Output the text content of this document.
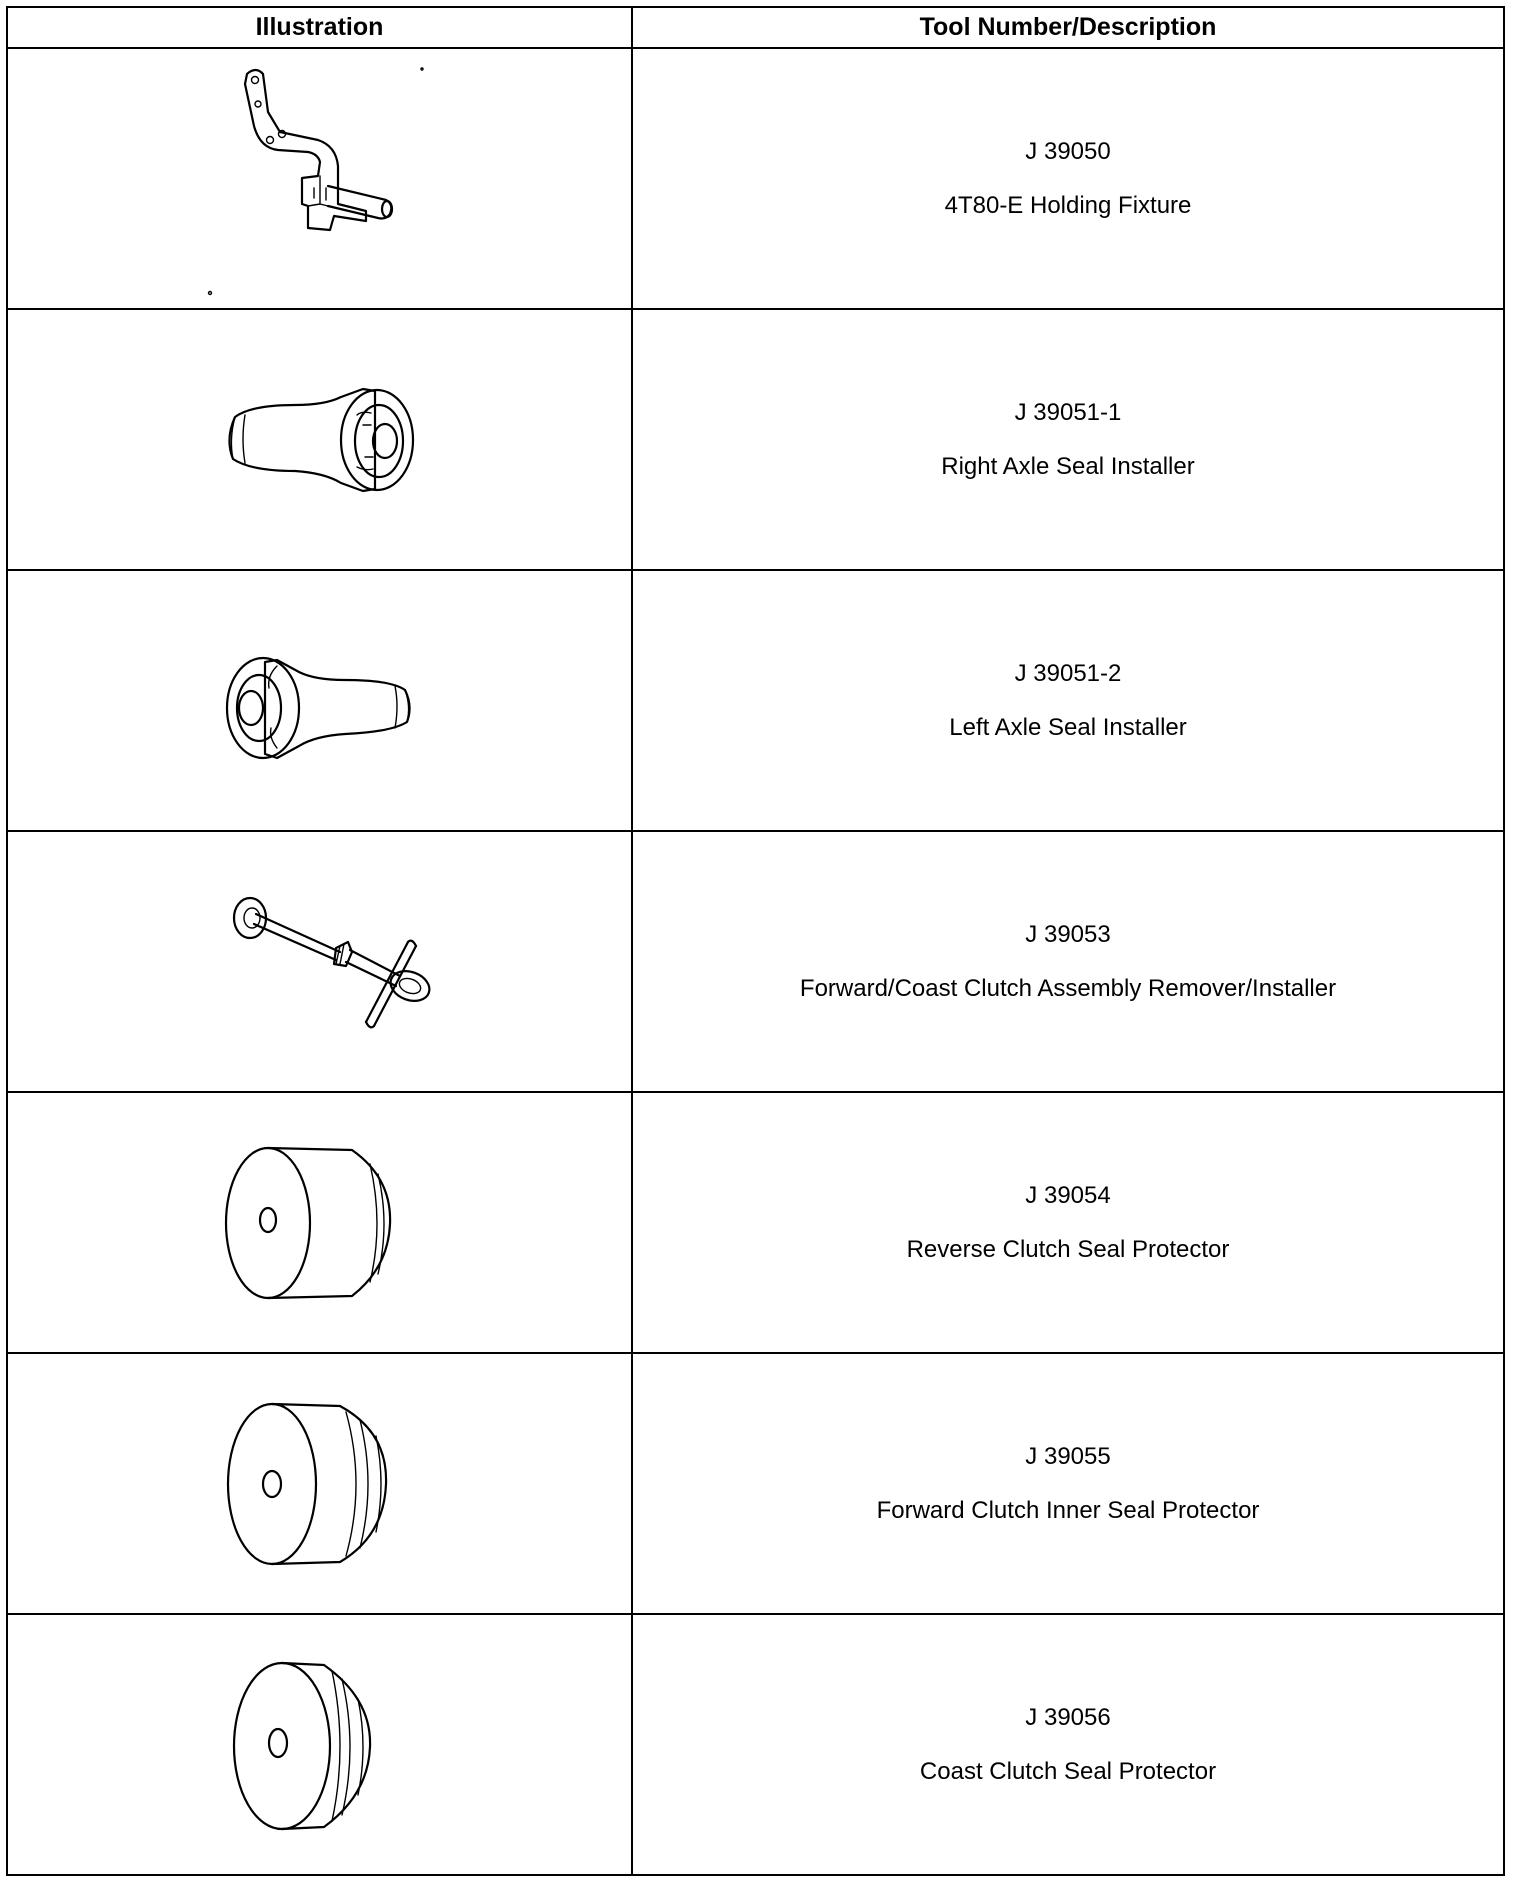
Illustration	Tool Number/Description

J 39050
4T80-E Holding Fixture

J 39051-1
Right Axle Seal Installer

J 39051-2
Left Axle Seal Installer

J 39053
Forward/Coast Clutch Assembly Remover/Installer

J 39054
Reverse Clutch Seal Protector

J 39055
Forward Clutch Inner Seal Protector

J 39056
Coast Clutch Seal Protector
